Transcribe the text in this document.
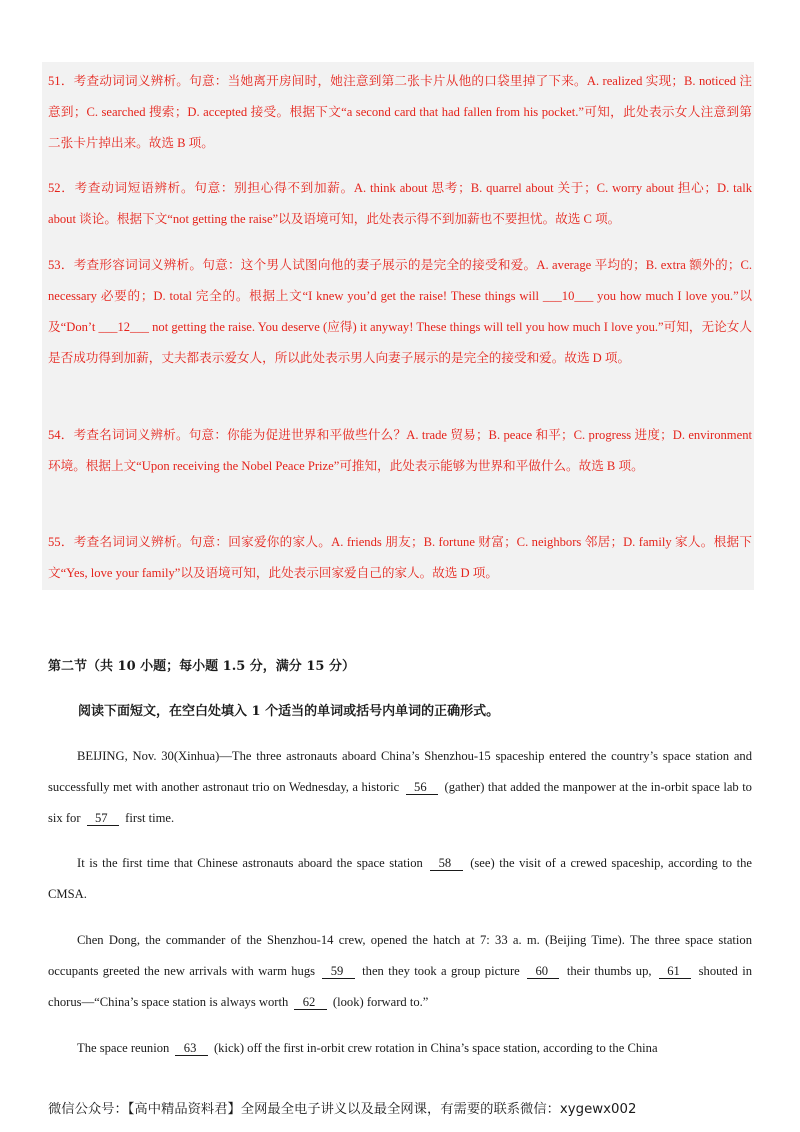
51．考查动词词义辨析。句意：当她离开房间时，她注意到第二张卡片从他的口袋里掉了下来。A. realized 实现；B. noticed 注意到；C. searched 搜索；D. accepted 接受。根据下文“a second card that had fallen from his pocket.”可知，此处表示女人注意到第二张卡片掉出来。故选 B 项。

52．考查动词短语辨析。句意：别担心得不到加薪。A. think about 思考；B. quarrel about 关于；C. worry about 担心；D. talk about 谈论。根据下文“not getting the raise”以及语境可知，此处表示得不到加薪也不要担忧。故选 C 项。

53．考查形容词词义辨析。句意：这个男人试图向他的妻子展示的是完全的接受和爱。A. average 平均的；B. extra 额外的；C. necessary 必要的；D. total 完全的。根据上文“I knew you’d get the raise! These things will ___10___ you how much I love you.”以及“Don’t ___12___ not getting the raise. You deserve (应得) it anyway! These things will tell you how much I love you.”可知，无论女人是否成功得到加薪，丈夫都表示爱女人，所以此处表示男人向妻子展示的是完全的接受和爱。故选 D 项。

54．考查名词词义辨析。句意：你能为促进世界和平做些什么？A. trade 贸易；B. peace 和平；C. progress 进度；D. environment 环境。根据上文“Upon receiving the Nobel Peace Prize”可推知，此处表示能够为世界和平做什么。故选 B 项。

55．考查名词词义辨析。句意：回家爱你的家人。A. friends 朋友；B. fortune 财富；C. neighbors 邻居；D. family 家人。根据下文“Yes, love your family”以及语境可知，此处表示回家爱自己的家人。故选 D 项。

第二节（共 10 小题；每小题 1.5 分，满分 15 分）

阅读下面短文，在空白处填入 1 个适当的单词或括号内单词的正确形式。

BEIJING, Nov. 30(Xinhua)—The three astronauts aboard China’s Shenzhou-15 spaceship entered the country’s space station and successfully met with another astronaut trio on Wednesday, a historic   56    (gather) that added the manpower at the in-orbit space lab to six for   57    first time.

It is the first time that Chinese astronauts aboard the space station   58    (see) the visit of a crewed spaceship, according to the CMSA.

Chen Dong, the commander of the Shenzhou-14 crew, opened the hatch at 7: 33 a. m. (Beijing Time). The three space station occupants greeted the new arrivals with warm hugs   59    then they took a group picture   60    their thumbs up,   61    shouted in chorus—“China’s space station is always worth   62    (look) forward to.”

The space reunion   63    (kick) off the first in-orbit crew rotation in China’s space station, according to the China

微信公众号：【高中精品资料君】全网最全电子讲义以及最全网课，有需要的联系微信：xygewx002
